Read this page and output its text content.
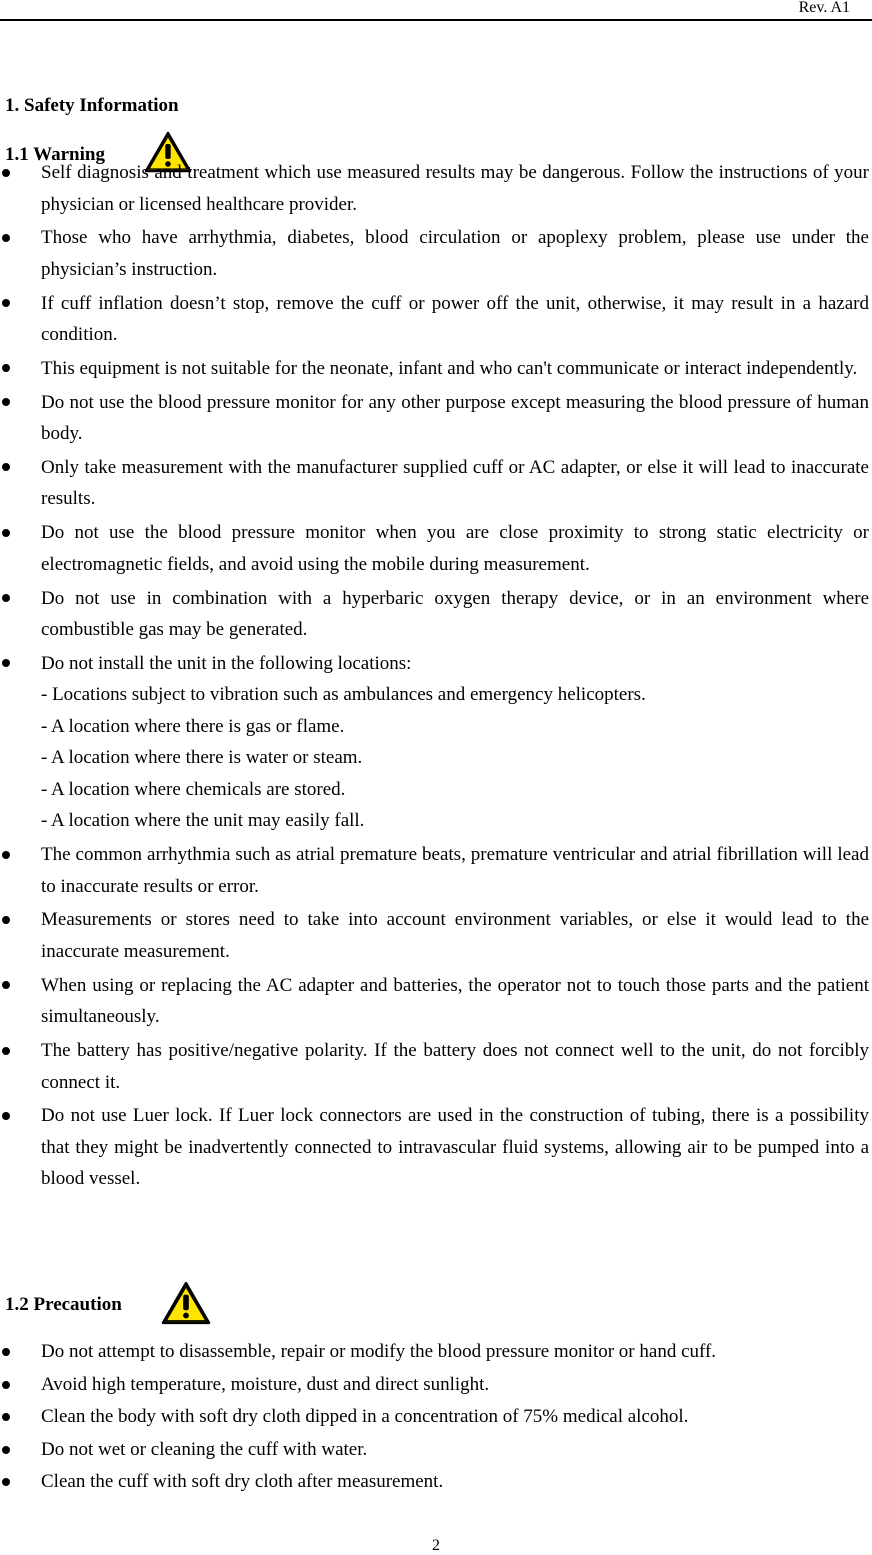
Rev. A1
1. Safety Information
1.1 Warning
Self diagnosis and treatment which use measured results may be dangerous. Follow the instructions of your physician or licensed healthcare provider.
Those who have arrhythmia, diabetes, blood circulation or apoplexy problem, please use under the physician’s instruction.
If cuff inflation doesn’t stop, remove the cuff or power off the unit, otherwise, it may result in a hazard condition.
This equipment is not suitable for the neonate, infant and who can't communicate or interact independently.
Do not use the blood pressure monitor for any other purpose except measuring the blood pressure of human body.
Only take measurement with the manufacturer supplied cuff or AC adapter, or else it will lead to inaccurate results.
Do not use the blood pressure monitor when you are close proximity to strong static electricity or electromagnetic fields, and avoid using the mobile during measurement.
Do not use in combination with a hyperbaric oxygen therapy device, or in an environment where combustible gas may be generated.
Do not install the unit in the following locations:
- Locations subject to vibration such as ambulances and emergency helicopters.
- A location where there is gas or flame.
- A location where there is water or steam.
- A location where chemicals are stored.
- A location where the unit may easily fall.
The common arrhythmia such as atrial premature beats, premature ventricular and atrial fibrillation will lead to inaccurate results or error.
Measurements or stores need to take into account environment variables, or else it would lead to the inaccurate measurement.
When using or replacing the AC adapter and batteries, the operator not to touch those parts and the patient simultaneously.
The battery has positive/negative polarity. If the battery does not connect well to the unit, do not forcibly connect it.
Do not use Luer lock. If Luer lock connectors are used in the construction of tubing, there is a possibility that they might be inadvertently connected to intravascular fluid systems, allowing air to be pumped into a blood vessel.
1.2 Precaution
Do not attempt to disassemble, repair or modify the blood pressure monitor or hand cuff.
Avoid high temperature, moisture, dust and direct sunlight.
Clean the body with soft dry cloth dipped in a concentration of 75% medical alcohol.
Do not wet or cleaning the cuff with water.
Clean the cuff with soft dry cloth after measurement.
2
